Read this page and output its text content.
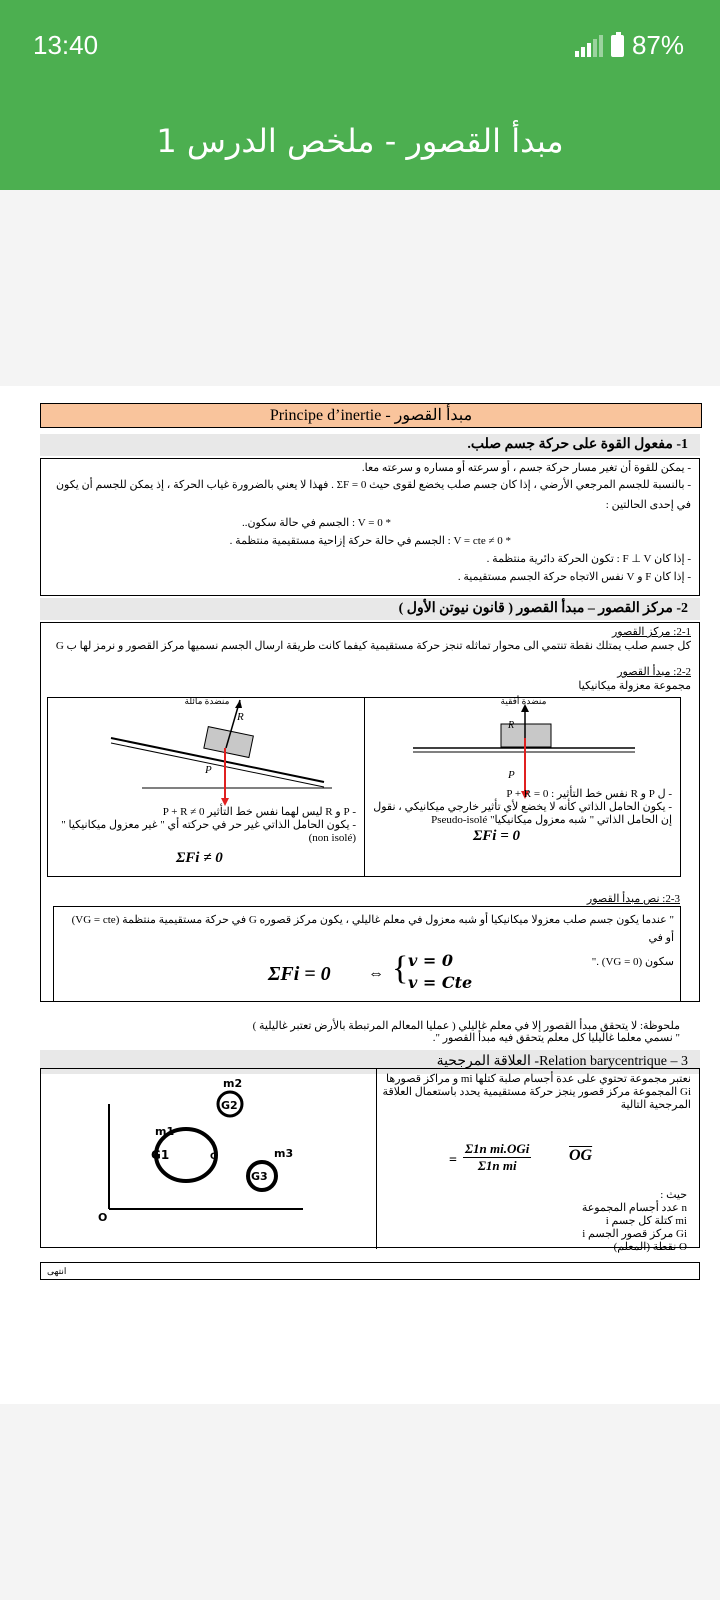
13:40	87%
مبدأ القصور - ملخص الدرس 1
Principe d’inertie - مبدأ القصور
1- مفعول القوة على حركة جسم صلب.

- يمكن للقوة أن تغير مسار حركة جسم ، أو سرعته أو مساره و سرعته معا.

- بالنسبة للجسم المرجعي الأرضي ، إذا كان جسم صلب يخضع لقوى حيث ΣF = 0 . فهذا لا يعني بالضرورة غياب الحركة ، إذ يمكن للجسم أن يكون

في إحدى الحالتين :

* V = 0 : الجسم في حالة سكون..

* V = cte ≠ 0 : الجسم في حالة حركة إزاحية مستقيمية منتظمة .

- إذا كان F ⊥ V : تكون الحركة دائرية منتظمة .

- إذا كان F و V نفس الاتجاه حركة الجسم مستقيمية .

2- مركز القصور – مبدأ القصور ( قانون نيوتن الأول )

2-1: مركز القصور

كل جسم صلب يمتلك نقطة تنتمي الى محوار تماثله تنجز حركة مستقيمية كيفما كانت طريقة ارسال الجسم نسميها مركز القصور و نرمز لها ب G

2-2: مبدأ القصور

مجموعة معزولة ميكانيكيا

P
R
منضدة مائلة
- P و R ليس لهما نفس خط التأثير P + R ≠ 0
- يكون الحامل الذاتي غير حر في حركته أي " غير معزول ميكانيكيا "
(non isolé)
ΣFi ≠ 0
P
R
منضدة أفقية
- ل P و R نفس خط التأثير : P + R = 0
- يكون الحامل الذاتي كأنه لا يخضع لأي تأثير خارجي ميكانيكي ، نقول
إن الحامل الذاتي " شبه معزول ميكانيكيا" Pseudo-isolé
ΣFi = 0
2-3: نص مبدأ القصور
" عندما يكون جسم صلب معزولا ميكانيكيا أو شبه معزول في معلم غاليلي ، يكون مركز قصوره G في حركة مستقيمية منتظمة (VG = cte) أو في
سكون (VG = 0) ."
ΣFi = 0 ⇔ { v = 0
v = Cte
ملحوظة: لا يتحقق مبدأ القصور إلا في معلم غاليلي ( عمليا المعالم المرتبطة بالأرض تعتبر غاليلية )
" نسمي معلما غاليليا كل معلم يتحقق فيه مبدأ القصور ".
Relation barycentrique – 3- العلاقة المرجحية
m1
m2
m3
G1
G2
G3
G
O
نعتبر مجموعة تحتوي على عدة أجسام صلبة كتلها mi و مراكز قصورها Gi المجموعة مركز قصور ينجز حركة مستقيمية يحدد باستعمال العلاقة المرجحية التالية
=
Σ1n mi.OGi
Σ1n mi
$\overline{OG}$
حيث :
n عدد أجسام المجموعة
mi كتلة كل جسم i
Gi مركز قصور الجسم i
O نقطة (المعلم)
انتهى
